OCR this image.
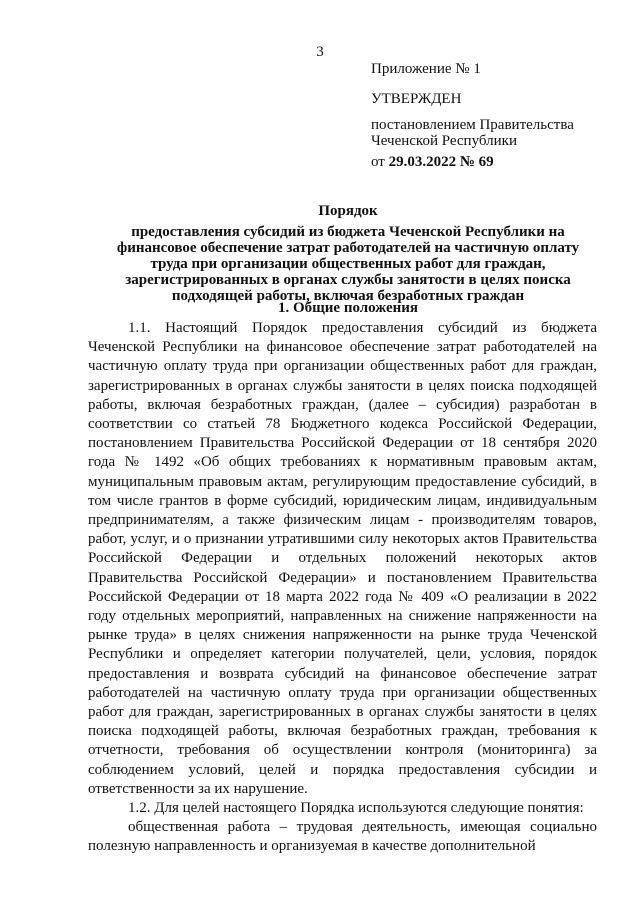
3
Приложение № 1
УТВЕРЖДЕН
постановлением Правительства
Чеченской Республики
от 29.03.2022 № 69
Порядок
предоставления субсидий из бюджета Чеченской Республики на финансовое обеспечение затрат работодателей на частичную оплату труда при организации общественных работ для граждан, зарегистрированных в органах службы занятости в целях поиска подходящей работы, включая безработных граждан
1. Общие положения

1.1. Настоящий Порядок предоставления субсидий из бюджета Чеченской Республики на финансовое обеспечение затрат работодателей на частичную оплату труда при организации общественных работ для граждан, зарегистрированных в органах службы занятости в целях поиска подходящей работы, включая безработных граждан, (далее – субсидия) разработан в соответствии со статьей 78 Бюджетного кодекса Российской Федерации, постановлением Правительства Российской Федерации от 18 сентября 2020 года № 1492 «Об общих требованиях к нормативным правовым актам, муниципальным правовым актам, регулирующим предоставление субсидий, в том числе грантов в форме субсидий, юридическим лицам, индивидуальным предпринимателям, а также физическим лицам - производителям товаров, работ, услуг, и о признании утратившими силу некоторых актов Правительства Российской Федерации и отдельных положений некоторых актов Правительства Российской Федерации» и постановлением Правительства Российской Федерации от 18 марта 2022 года № 409 «О реализации в 2022 году отдельных мероприятий, направленных на снижение напряженности на рынке труда» в целях снижения напряженности на рынке труда Чеченской Республики и определяет категории получателей, цели, условия, порядок предоставления и возврата субсидий на финансовое обеспечение затрат работодателей на частичную оплату труда при организации общественных работ для граждан, зарегистрированных в органах службы занятости в целях поиска подходящей работы, включая безработных граждан, требования к отчетности, требования об осуществлении контроля (мониторинга) за соблюдением условий, целей и порядка предоставления субсидии и ответственности за их нарушение.

1.2. Для целей настоящего Порядка используются следующие понятия:

общественная работа – трудовая деятельность, имеющая социально полезную направленность и организуемая в качестве дополнительной
